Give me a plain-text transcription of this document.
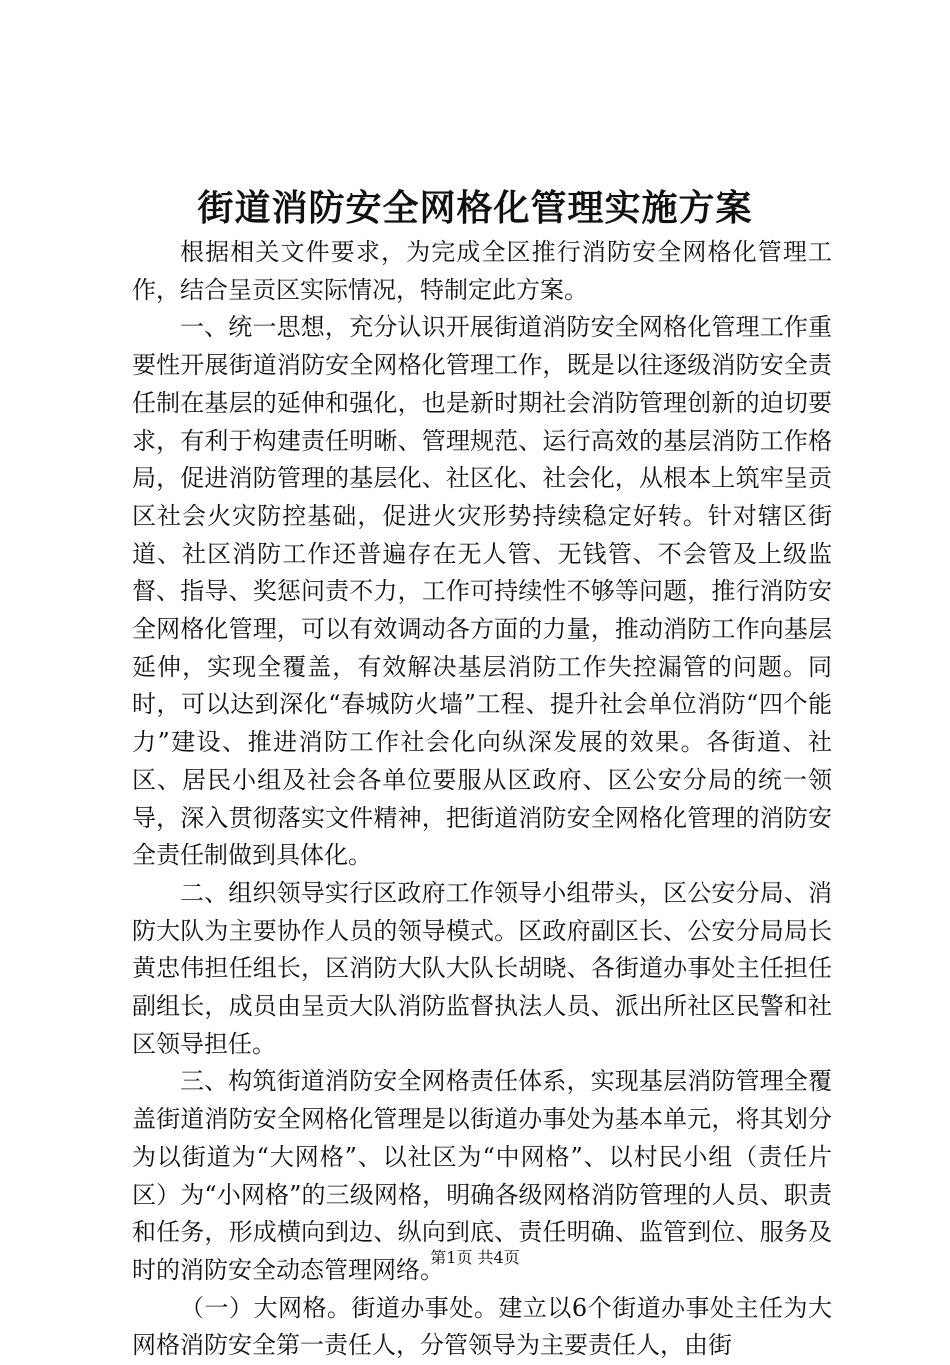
街道消防安全网格化管理实施方案

根据相关文件要求，为完成全区推行消防安全网格化管理工作，结合呈贡区实际情况，特制定此方案。

一、统一思想，充分认识开展街道消防安全网格化管理工作重要性开展街道消防安全网格化管理工作，既是以往逐级消防安全责任制在基层的延伸和强化，也是新时期社会消防管理创新的迫切要求，有利于构建责任明晰、管理规范、运行高效的基层消防工作格局，促进消防管理的基层化、社区化、社会化，从根本上筑牢呈贡区社会火灾防控基础，促进火灾形势持续稳定好转。针对辖区街道、社区消防工作还普遍存在无人管、无钱管、不会管及上级监督、指导、奖惩问责不力，工作可持续性不够等问题，推行消防安全网格化管理，可以有效调动各方面的力量，推动消防工作向基层延伸，实现全覆盖，有效解决基层消防工作失控漏管的问题。同时，可以达到深化“春城防火墙”工程、提升社会单位消防“四个能力”建设、推进消防工作社会化向纵深发展的效果。各街道、社区、居民小组及社会各单位要服从区政府、区公安分局的统一领导，深入贯彻落实文件精神，把街道消防安全网格化管理的消防安全责任制做到具体化。

二、组织领导实行区政府工作领导小组带头，区公安分局、消防大队为主要协作人员的领导模式。区政府副区长、公安分局局长黄忠伟担任组长，区消防大队大队长胡晓、各街道办事处主任担任副组长，成员由呈贡大队消防监督执法人员、派出所社区民警和社区领导担任。

三、构筑街道消防安全网格责任体系，实现基层消防管理全覆盖街道消防安全网格化管理是以街道办事处为基本单元，将其划分为以街道为“大网格”、以社区为“中网格”、以村民小组（责任片区）为“小网格”的三级网格，明确各级网格消防管理的人员、职责和任务，形成横向到边、纵向到底、责任明确、监管到位、服务及时的消防安全动态管理网络。

（一）大网格。街道办事处。建立以6个街道办事处主任为大网格消防安全第一责任人，分管领导为主要责任人，由街

第1页 共4页
